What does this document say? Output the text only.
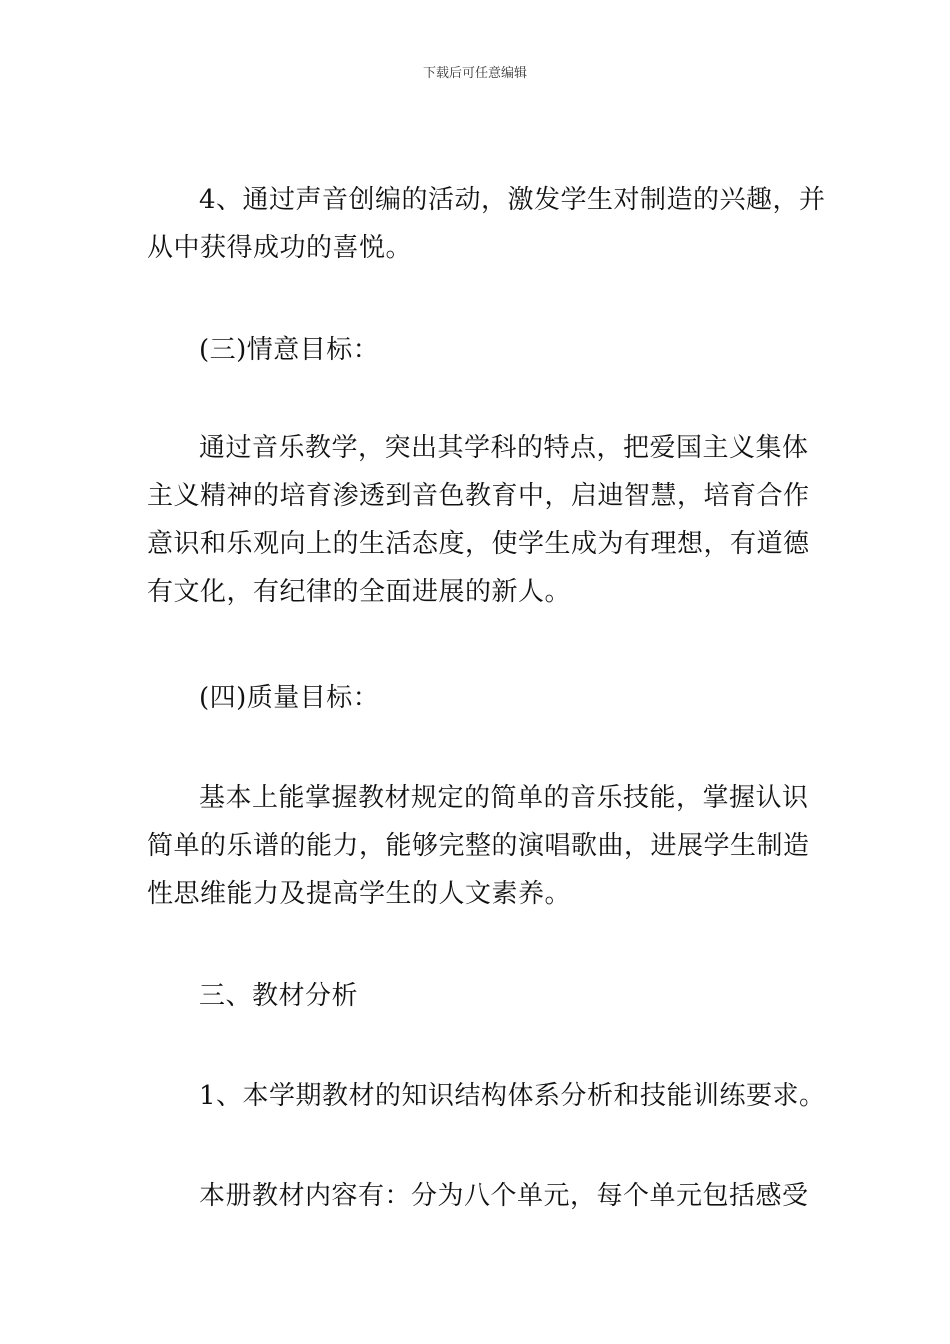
下载后可任意编辑
4、通过声音创编的活动，激发学生对制造的兴趣，并
从中获得成功的喜悦。
(三)情意目标：
通过音乐教学，突出其学科的特点，把爱国主义集体
主义精神的培育渗透到音色教育中，启迪智慧，培育合作
意识和乐观向上的生活态度，使学生成为有理想，有道德
有文化，有纪律的全面进展的新人。
(四)质量目标：
基本上能掌握教材规定的简单的音乐技能，掌握认识
简单的乐谱的能力，能够完整的演唱歌曲，进展学生制造
性思维能力及提高学生的人文素养。
三、教材分析
1、本学期教材的知识结构体系分析和技能训练要求。
本册教材内容有：分为八个单元，每个单元包括感受
